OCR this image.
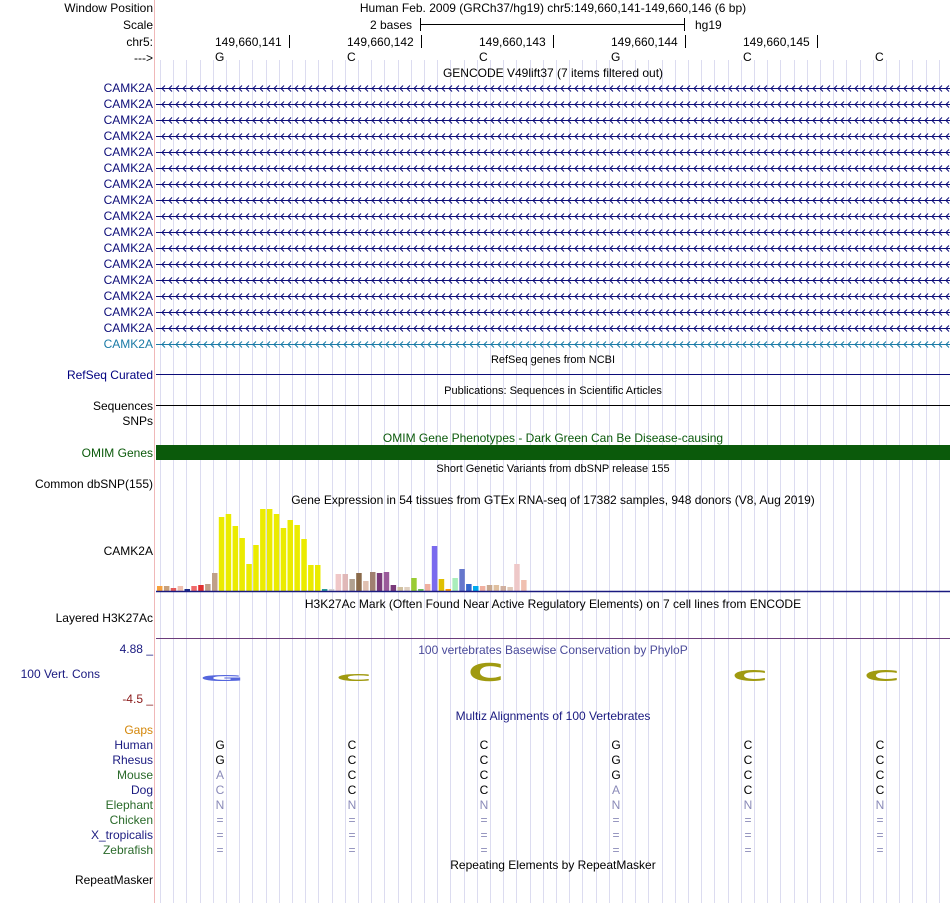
Window Position	Human Feb. 2009 (GRCh37/hg19) chr5:149,660,141-149,660,146 (6 bp)
Scale	2 bases	hg19
chr5:
--->
149,660,141	149,660,142	149,660,143	149,660,144	149,660,145
G	C	C	G	C	C
GENCODE V49lift37 (7 items filtered out)
CAMK2A
CAMK2A
CAMK2A
CAMK2A
CAMK2A
CAMK2A
CAMK2A
CAMK2A
CAMK2A
CAMK2A
CAMK2A
CAMK2A
CAMK2A
CAMK2A
CAMK2A
CAMK2A
CAMK2A
RefSeq genes from NCBI
RefSeq Curated
Publications: Sequences in Scientific Articles
Sequences
SNPs
OMIM Gene Phenotypes - Dark Green Can Be Disease-causing
OMIM Genes
Short Genetic Variants from dbSNP release 155
Common dbSNP(155)
Gene Expression in 54 tissues from GTEx RNA-seq of 17382 samples, 948 donors (V8, Aug 2019)
CAMK2A
H3K27Ac Mark (Often Found Near Active Regulatory Elements) on 7 cell lines from ENCODE
Layered H3K27Ac
100 vertebrates Basewise Conservation by PhyloP
4.88 _
100 Vert. Cons
-4.5 _
Multiz Alignments of 100 Vertebrates
Gaps
Human	G	C	C	G	C	C
Rhesus	G	C	C	G	C	C
Mouse	A	C	C	G	C	C
Dog	C	C	C	A	C	C
Elephant	N	N	N	N	N	N
Chicken	=	=	=	=	=	=
X_tropicalis	=	=	=	=	=	=
Zebrafish	=	=	=	=	=	=
Repeating Elements by RepeatMasker
RepeatMasker
G	C	C	C	C
